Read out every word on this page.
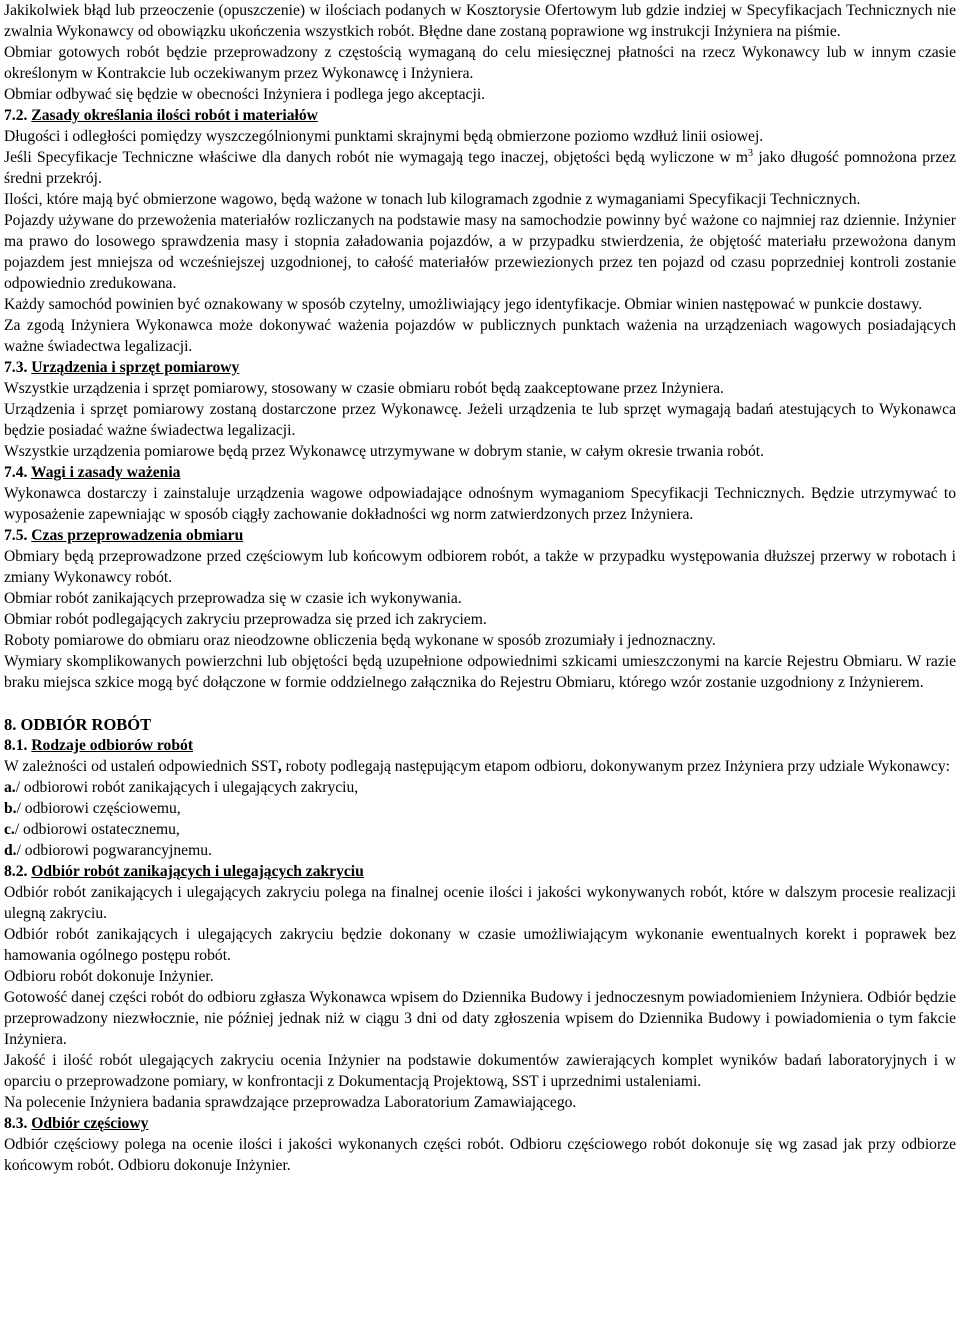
Jakikolwiek błąd lub przeoczenie (opuszczenie) w ilościach podanych w Kosztorysie Ofertowym lub gdzie indziej w Specyfikacjach Technicznych nie zwalnia Wykonawcy od obowiązku ukończenia wszystkich robót. Błędne dane zostaną poprawione wg instrukcji Inżyniera na piśmie.

Obmiar gotowych robót będzie przeprowadzony z częstością wymaganą do celu miesięcznej płatności na rzecz Wykonawcy lub w innym czasie określonym w Kontrakcie lub oczekiwanym przez Wykonawcę i Inżyniera.

Obmiar odbywać się będzie w obecności Inżyniera i podlega jego akceptacji.

7.2. Zasady określania ilości robót i materiałów

Długości i odległości pomiędzy wyszczególnionymi punktami skrajnymi będą obmierzone poziomo wzdłuż linii osiowej.

Jeśli Specyfikacje Techniczne właściwe dla danych robót nie wymagają tego inaczej, objętości będą wyliczone w $m^3$ jako długość pomnożona przez średni przekrój.

Ilości, które mają być obmierzone wagowo, będą ważone w tonach lub kilogramach zgodnie z wymaganiami Specyfikacji Technicznych.

Pojazdy używane do przewożenia materiałów rozliczanych na podstawie masy na samochodzie powinny być ważone co najmniej raz dziennie. Inżynier ma prawo do losowego sprawdzenia masy i stopnia załadowania pojazdów, a w przypadku stwierdzenia, że objętość materiału przewożona danym pojazdem jest mniejsza od wcześniejszej uzgodnionej, to całość materiałów przewiezionych przez ten pojazd od czasu poprzedniej kontroli zostanie odpowiednio zredukowana.

Każdy samochód powinien być oznakowany w sposób czytelny, umożliwiający jego identyfikacje. Obmiar winien następować w punkcie dostawy.

Za zgodą Inżyniera Wykonawca może dokonywać ważenia pojazdów w publicznych punktach ważenia na urządzeniach wagowych posiadających ważne świadectwa legalizacji.

7.3. Urządzenia i sprzęt pomiarowy

Wszystkie urządzenia i sprzęt pomiarowy, stosowany w czasie obmiaru robót będą zaakceptowane przez Inżyniera.

Urządzenia i sprzęt pomiarowy zostaną dostarczone przez Wykonawcę. Jeżeli urządzenia te lub sprzęt wymagają badań atestujących to Wykonawca będzie posiadać ważne świadectwa legalizacji.

Wszystkie urządzenia pomiarowe będą przez Wykonawcę utrzymywane w dobrym stanie, w całym okresie trwania robót.

7.4. Wagi i zasady ważenia

Wykonawca dostarczy i zainstaluje urządzenia wagowe odpowiadające odnośnym wymaganiom Specyfikacji Technicznych. Będzie utrzymywać to wyposażenie zapewniając w sposób ciągły zachowanie dokładności wg norm zatwierdzonych przez Inżyniera.

7.5. Czas przeprowadzenia obmiaru

Obmiary będą przeprowadzone przed częściowym lub końcowym odbiorem robót, a także w przypadku występowania dłuższej przerwy w robotach i zmiany Wykonawcy robót.

Obmiar robót zanikających przeprowadza się w czasie ich wykonywania.

Obmiar robót podlegających zakryciu przeprowadza się przed ich zakryciem.

Roboty pomiarowe do obmiaru oraz nieodzowne obliczenia będą wykonane w sposób zrozumiały i jednoznaczny.

Wymiary skomplikowanych powierzchni lub objętości będą uzupełnione odpowiednimi szkicami umieszczonymi na karcie Rejestru Obmiaru. W razie braku miejsca szkice mogą być dołączone w formie oddzielnego załącznika do Rejestru Obmiaru, którego wzór zostanie uzgodniony z Inżynierem.

8. ODBIÓR ROBÓT

8.1. Rodzaje odbiorów robót

W zależności od ustaleń odpowiednich SST, roboty podlegają następującym etapom odbioru, dokonywanym przez Inżyniera przy udziale Wykonawcy:

a./ odbiorowi robót zanikających i ulegających zakryciu,

b./ odbiorowi częściowemu,

c./ odbiorowi ostatecznemu,

d./ odbiorowi pogwarancyjnemu.

8.2. Odbiór robót zanikających i ulegających zakryciu

Odbiór robót zanikających i ulegających zakryciu polega na finalnej ocenie ilości i jakości wykonywanych robót, które w dalszym procesie realizacji ulegną zakryciu.

Odbiór robót zanikających i ulegających zakryciu będzie dokonany w czasie umożliwiającym wykonanie ewentualnych korekt i poprawek bez hamowania ogólnego postępu robót.

Odbioru robót dokonuje Inżynier.

Gotowość danej części robót do odbioru zgłasza Wykonawca wpisem do Dziennika Budowy i jednoczesnym powiadomieniem Inżyniera. Odbiór będzie przeprowadzony niezwłocznie, nie później jednak niż w ciągu 3 dni od daty zgłoszenia wpisem do Dziennika Budowy i powiadomienia o tym fakcie Inżyniera.

Jakość i ilość robót ulegających zakryciu ocenia Inżynier na podstawie dokumentów zawierających komplet wyników badań laboratoryjnych i w oparciu o przeprowadzone pomiary, w konfrontacji z Dokumentacją Projektową, SST i uprzednimi ustaleniami.

Na polecenie Inżyniera badania sprawdzające przeprowadza Laboratorium Zamawiającego.

8.3. Odbiór częściowy

Odbiór częściowy polega na ocenie ilości i jakości wykonanych części robót. Odbioru częściowego robót dokonuje się wg zasad jak przy odbiorze końcowym robót. Odbioru dokonuje Inżynier.
